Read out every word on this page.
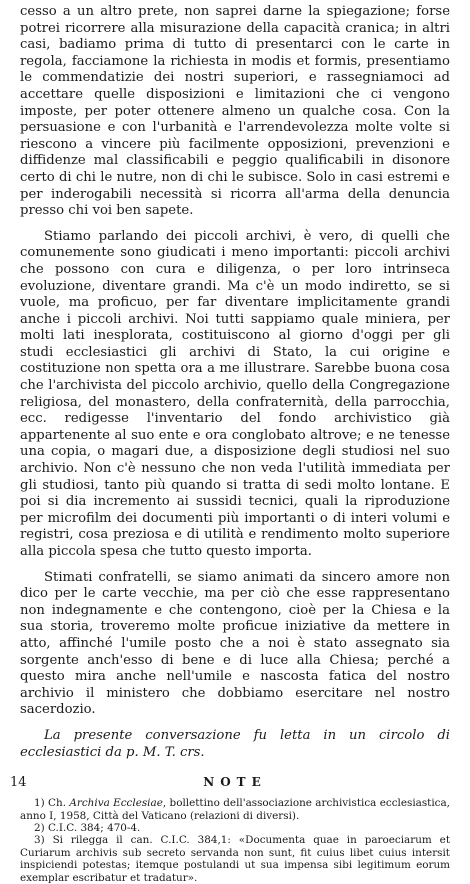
cesso a un altro prete, non saprei darne la spiegazione; forse potrei ricorrere alla misurazione della capacità cranica; in altri casi, badiamo prima di tutto di presentarci con le carte in regola, facciamone la richiesta in modis et formis, presentiamo le commendatizie dei nostri superiori, e rassegniamoci ad accettare quelle disposizioni e limitazioni che ci vengono imposte, per poter ottenere almeno un qualche cosa. Con la persuasione e con l'urbanità e l'arrendevolezza molte volte si riescono a vincere più facilmente opposizioni, prevenzioni e diffidenze mal classificabili e peggio qualificabili in disonore certo di chi le nutre, non di chi le subisce. Solo in casi estremi e per inderogabili necessità si ricorra all'arma della denuncia presso chi voi ben sapete.

Stiamo parlando dei piccoli archivi, è vero, di quelli che comunemente sono giudicati i meno importanti: piccoli archivi che possono con cura e diligenza, o per loro intrinseca evoluzione, diventare grandi. Ma c'è un modo indiretto, se si vuole, ma proficuo, per far diventare implicitamente grandi anche i piccoli archivi. Noi tutti sappiamo quale miniera, per molti lati inesplorata, costituiscono al giorno d'oggi per gli studi ecclesiastici gli archivi di Stato, la cui origine e costituzione non spetta ora a me illustrare. Sarebbe buona cosa che l'archivista del piccolo archivio, quello della Congregazione religiosa, del monastero, della confraternità, della parrocchia, ecc. redigesse l'inventario del fondo archivistico già appartenente al suo ente e ora conglobato altrove; e ne tenesse una copia, o magari due, a disposizione degli studiosi nel suo archivio. Non c'è nessuno che non veda l'utilità immediata per gli studiosi, tanto più quando si tratta di sedi molto lontane. E poi si dia incremento ai sussidi tecnici, quali la riproduzione per microfilm dei documenti più importanti o di interi volumi e registri, cosa preziosa e di utilità e rendimento molto superiore alla piccola spesa che tutto questo importa.

Stimati confratelli, se siamo animati da sincero amore non dico per le carte vecchie, ma per ciò che esse rappresentano non indegnamente e che contengono, cioè per la Chiesa e la sua storia, troveremo molte proficue iniziative da mettere in atto, affinché l'umile posto che a noi è stato assegnato sia sorgente anch'esso di bene e di luce alla Chiesa; perché a questo mira anche nell'umile e nascosta fatica del nostro archivio il ministero che dobbiamo esercitare nel nostro sacerdozio.

La presente conversazione fu letta in un circolo di ecclesiastici da p. M. T. crs.

NOTE

1) Ch. Archiva Ecclesiae, bollettino dell'associazione archivistica ecclesiastica, anno I, 1958, Città del Vaticano (relazioni di diversi).

2) C.I.C. 384; 470-4.

3) Si rilegga il can. C.I.C. 384,1: «Documenta quae in paroeciarum et Curiarum archivis sub secreto servanda non sunt, fit cuius libet cuius intersit inspiciendi potestas; itemque postulandi ut sua impensa sibi legitimum eorum exemplar escribatur et tradatur».

14
